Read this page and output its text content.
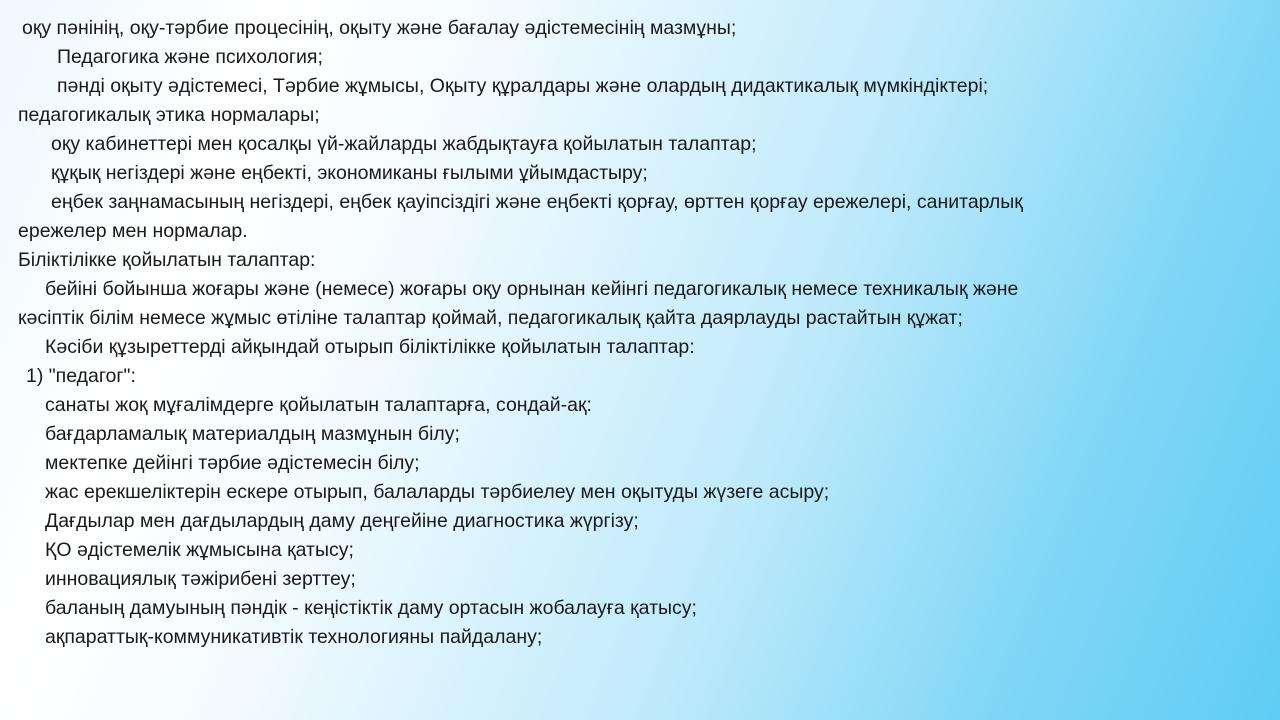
оқу пәнінің, оқу-тәрбие процесінің, оқыту және бағалау әдістемесінің мазмұны;
Педагогика және психология;
пәнді оқыту әдістемесі, Тәрбие жұмысы, Оқыту құралдары және олардың дидактикалық мүмкіндіктері;
педагогикалық этика нормалары;
оқу кабинеттері мен қосалқы үй-жайларды жабдықтауға қойылатын талаптар;
құқық негіздері және еңбекті, экономиканы ғылыми ұйымдастыру;
еңбек заңнамасының негіздері, еңбек қауіпсіздігі және еңбекті қорғау, өрттен қорғау ережелері, санитарлық
ережелер мен нормалар.
Біліктілікке қойылатын талаптар:
бейіні бойынша жоғары және (немесе) жоғары оқу орнынан кейінгі педагогикалық немесе техникалық және
кәсіптік білім немесе жұмыс өтіліне талаптар қоймай, педагогикалық қайта даярлауды растайтын құжат;
Кәсіби құзыреттерді айқындай отырып біліктілікке қойылатын талаптар:
1) "педагог":
санаты жоқ мұғалімдерге қойылатын талаптарға, сондай-ақ:
бағдарламалық материалдың мазмұнын білу;
мектепке дейінгі тәрбие әдістемесін білу;
жас ерекшеліктерін ескере отырып, балаларды тәрбиелеу мен оқытуды жүзеге асыру;
Дағдылар мен дағдылардың даму деңгейіне диагностика жүргізу;
ҚО әдістемелік жұмысына қатысу;
инновациялық тәжірибені зерттеу;
баланың дамуының пәндік - кеңістіктік даму ортасын жобалауға қатысу;
ақпараттық-коммуникативтік технологияны пайдалану;
